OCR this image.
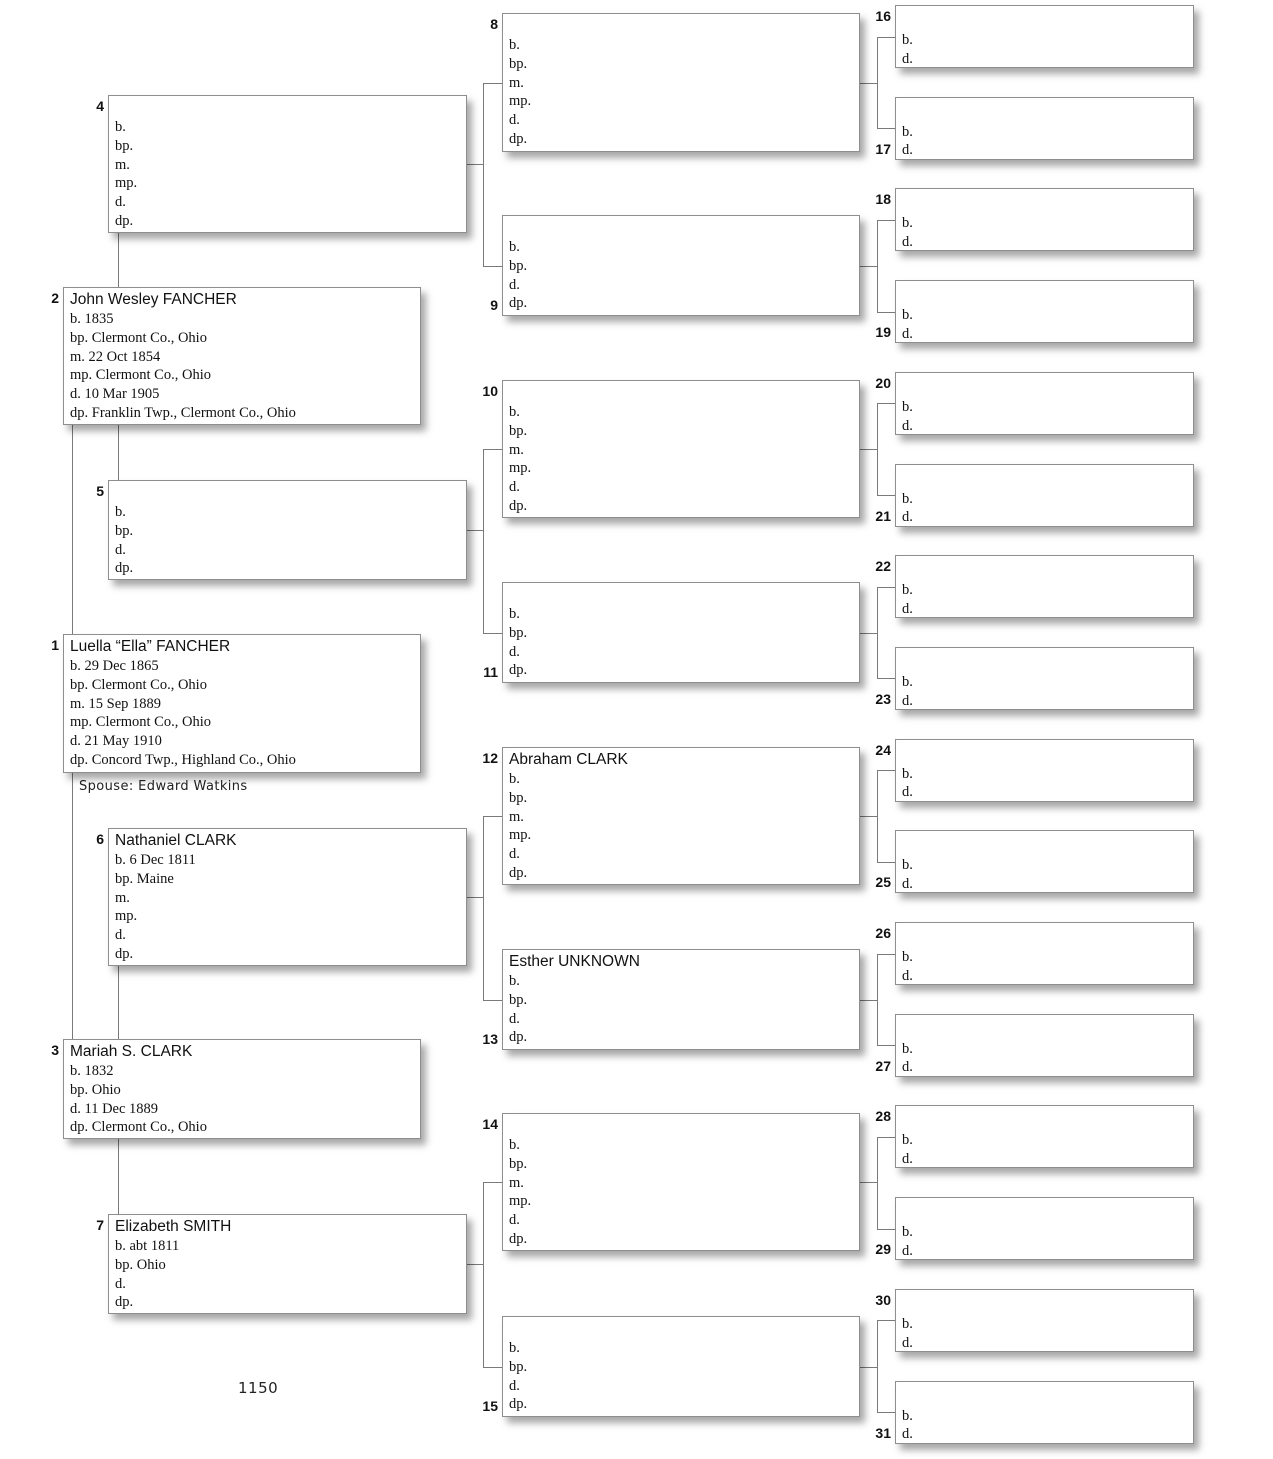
Spouse: Edward Watkins
1150
Luella “Ella” FANCHER
b. 29 Dec 1865
bp. Clermont Co., Ohio
m. 15 Sep 1889
mp. Clermont Co., Ohio
d. 21 May 1910
dp. Concord Twp., Highland Co., Ohio
1
John Wesley FANCHER
b. 1835
bp. Clermont Co., Ohio
m. 22 Oct 1854
mp. Clermont Co., Ohio
d. 10 Mar 1905
dp. Franklin Twp., Clermont Co., Ohio
2
Mariah S. CLARK
b. 1832
bp. Ohio
d. 11 Dec 1889
dp. Clermont Co., Ohio
3
b.
bp.
m.
mp.
d.
dp.
4
b.
bp.
d.
dp.
5
Nathaniel CLARK
b. 6 Dec 1811
bp. Maine
m.
mp.
d.
dp.
6
Elizabeth SMITH
b. abt 1811
bp. Ohio
d.
dp.
7
b.
bp.
m.
mp.
d.
dp.
8
b.
bp.
d.
dp.
9
b.
bp.
m.
mp.
d.
dp.
10
b.
bp.
d.
dp.
11
Abraham CLARK
b.
bp.
m.
mp.
d.
dp.
12
Esther UNKNOWN
b.
bp.
d.
dp.
13
b.
bp.
m.
mp.
d.
dp.
14
b.
bp.
d.
dp.
15
b.
d.
16
b.
d.
17
b.
d.
18
b.
d.
19
b.
d.
20
b.
d.
21
b.
d.
22
b.
d.
23
b.
d.
24
b.
d.
25
b.
d.
26
b.
d.
27
b.
d.
28
b.
d.
29
b.
d.
30
b.
d.
31
